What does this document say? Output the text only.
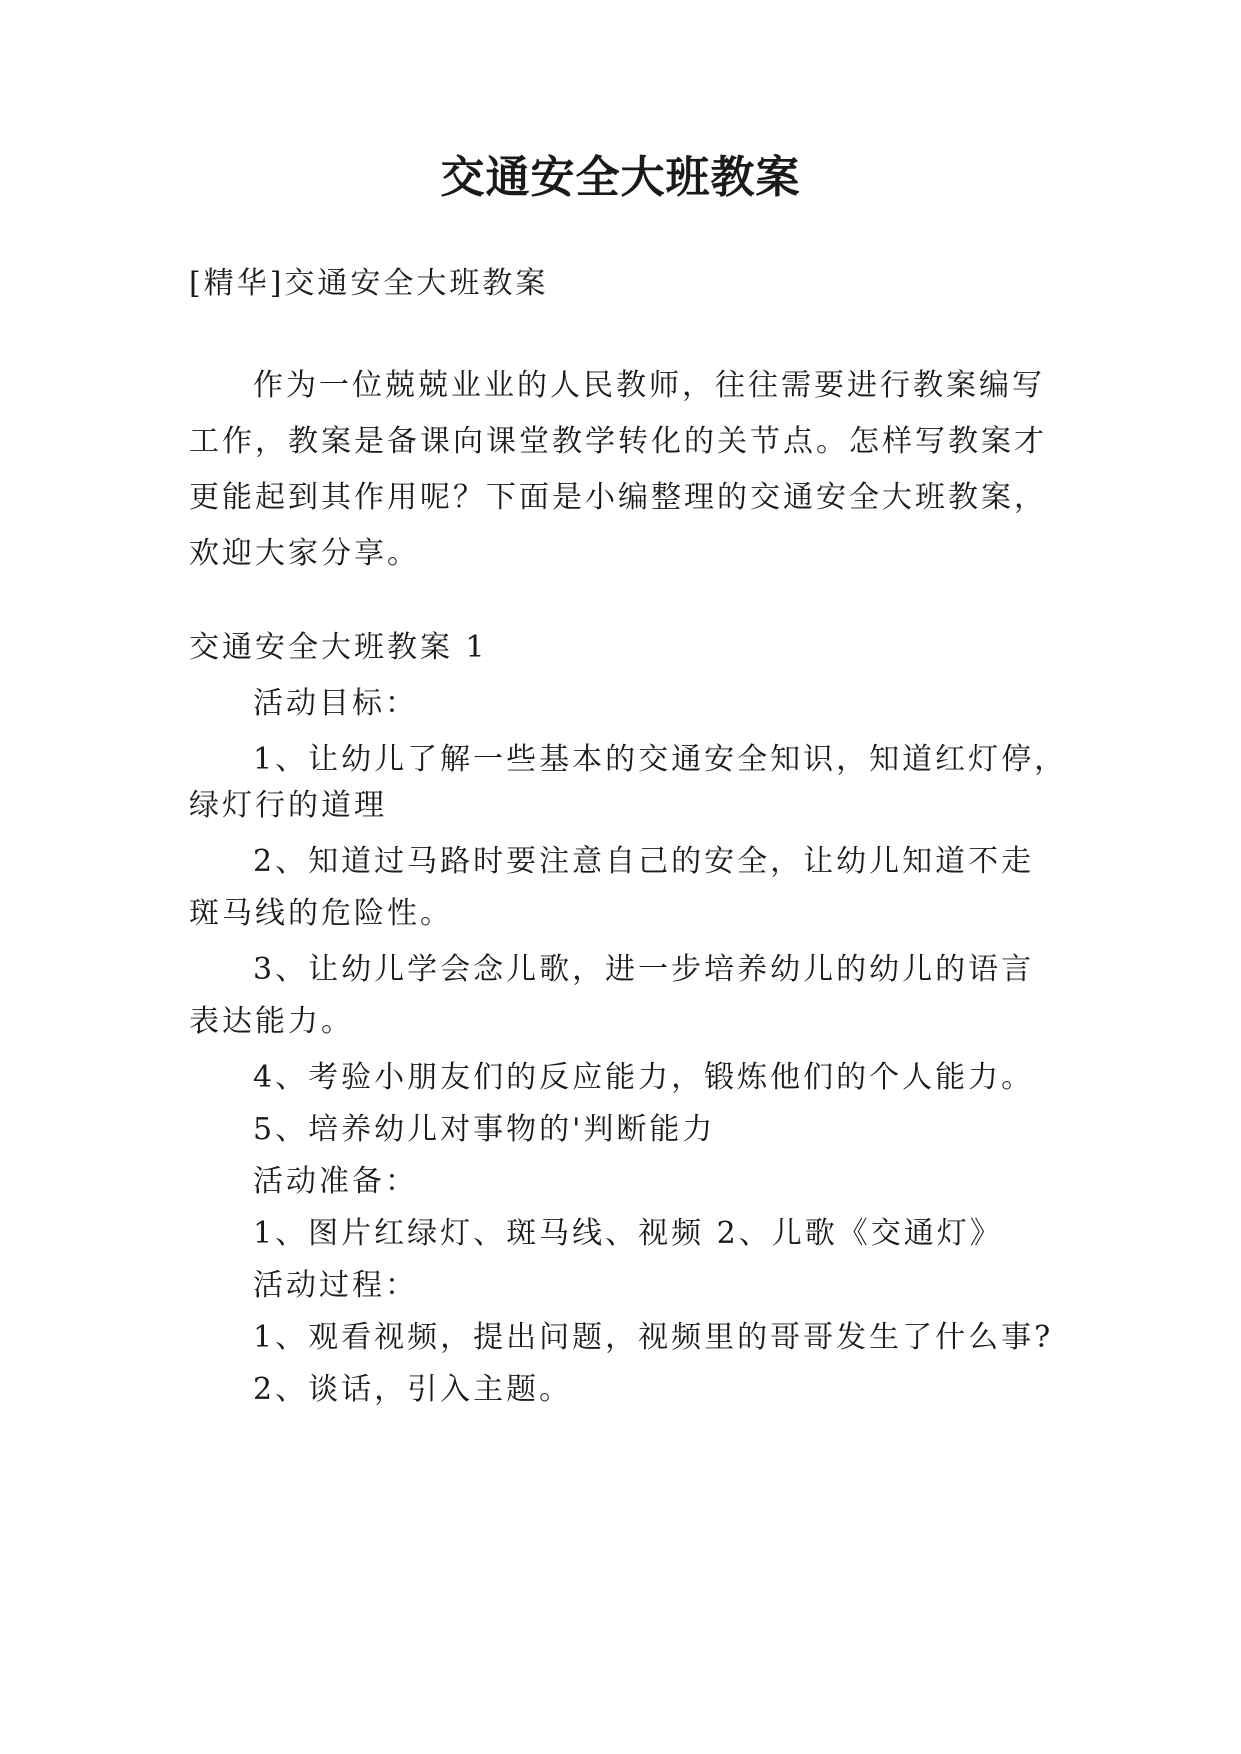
交通安全大班教案
[精华]交通安全大班教案
作为一位兢兢业业的人民教师，往往需要进行教案编写
工作，教案是备课向课堂教学转化的关节点。怎样写教案才
更能起到其作用呢？下面是小编整理的交通安全大班教案，
欢迎大家分享。
交通安全大班教案 1
活动目标：
1、让幼儿了解一些基本的交通安全知识，知道红灯停，
绿灯行的道理
2、知道过马路时要注意自己的安全，让幼儿知道不走
斑马线的危险性。
3、让幼儿学会念儿歌，进一步培养幼儿的幼儿的语言
表达能力。
4、考验小朋友们的反应能力，锻炼他们的个人能力。
5、培养幼儿对事物的'判断能力
活动准备：
1、图片红绿灯、斑马线、视频 2、儿歌《交通灯》
活动过程：
1、观看视频，提出问题，视频里的哥哥发生了什么事?
2、谈话，引入主题。
